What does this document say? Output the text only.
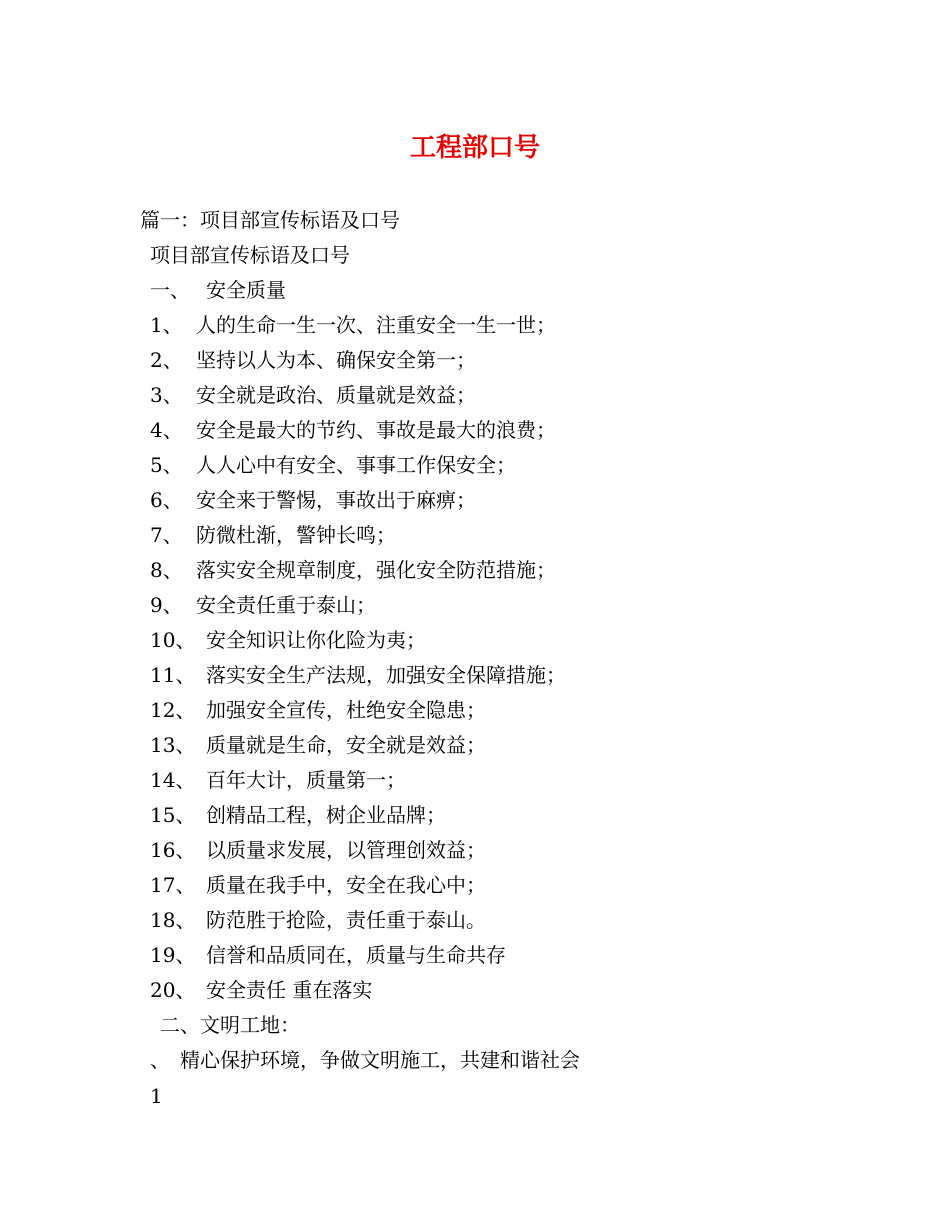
工程部口号

篇一：项目部宣传标语及口号

项目部宣传标语及口号

一、 安全质量

1、 人的生命一生一次、注重安全一生一世；

2、 坚持以人为本、确保安全第一；

3、 安全就是政治、质量就是效益；

4、 安全是最大的节约、事故是最大的浪费；

5、 人人心中有安全、事事工作保安全；

6、 安全来于警惕，事故出于麻痹；

7、 防微杜渐，警钟长鸣；

8、 落实安全规章制度，强化安全防范措施；

9、 安全责任重于泰山；

10、 安全知识让你化险为夷；

11、 落实安全生产法规，加强安全保障措施；

12、 加强安全宣传，杜绝安全隐患；

13、 质量就是生命，安全就是效益；

14、 百年大计，质量第一；

15、 创精品工程，树企业品牌；

16、 以质量求发展，以管理创效益；

17、 质量在我手中，安全在我心中；

18、 防范胜于抢险，责任重于泰山。

19、 信誉和品质同在，质量与生命共存

20、 安全责任 重在落实

二、文明工地：

、 精心保护环境，争做文明施工，共建和谐社会

1
